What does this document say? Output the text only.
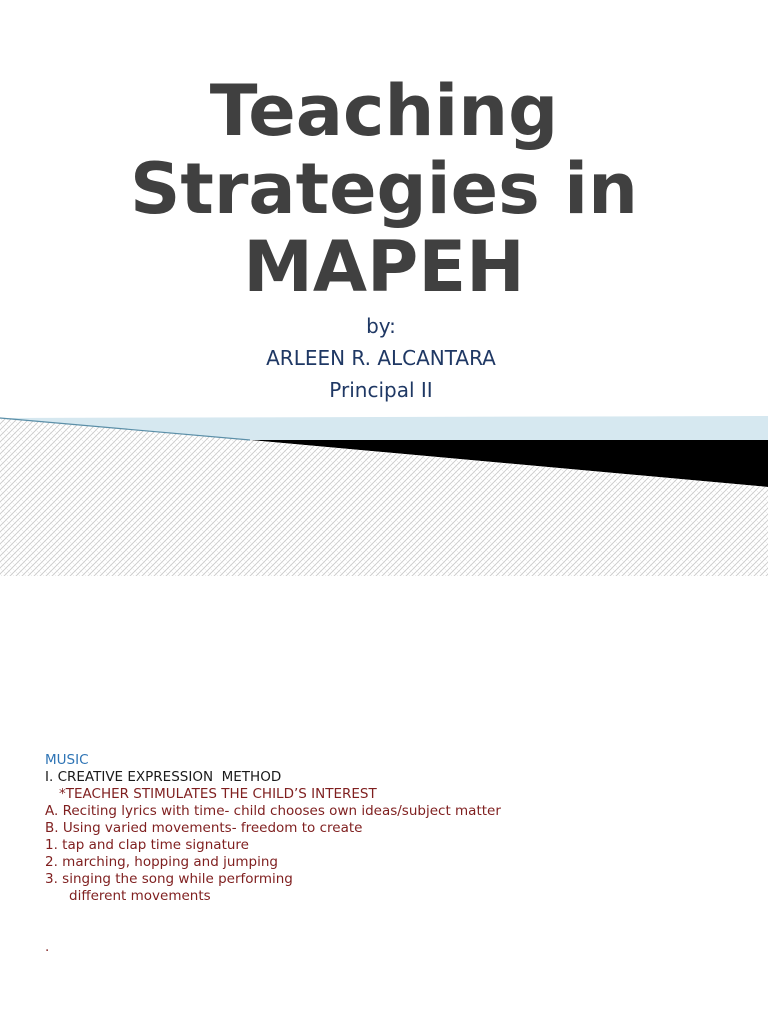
Teaching
Strategies in
MAPEH
by:
ARLEEN R. ALCANTARA
Principal II
MUSIC
I. CREATIVE EXPRESSION  METHOD
*TEACHER STIMULATES THE CHILD’S INTEREST
A. Reciting lyrics with time- child chooses own ideas/subject matter
B. Using varied movements- freedom to create
1. tap and clap time signature
2. marching, hopping and jumping
3. singing the song while performing
different movements
.
